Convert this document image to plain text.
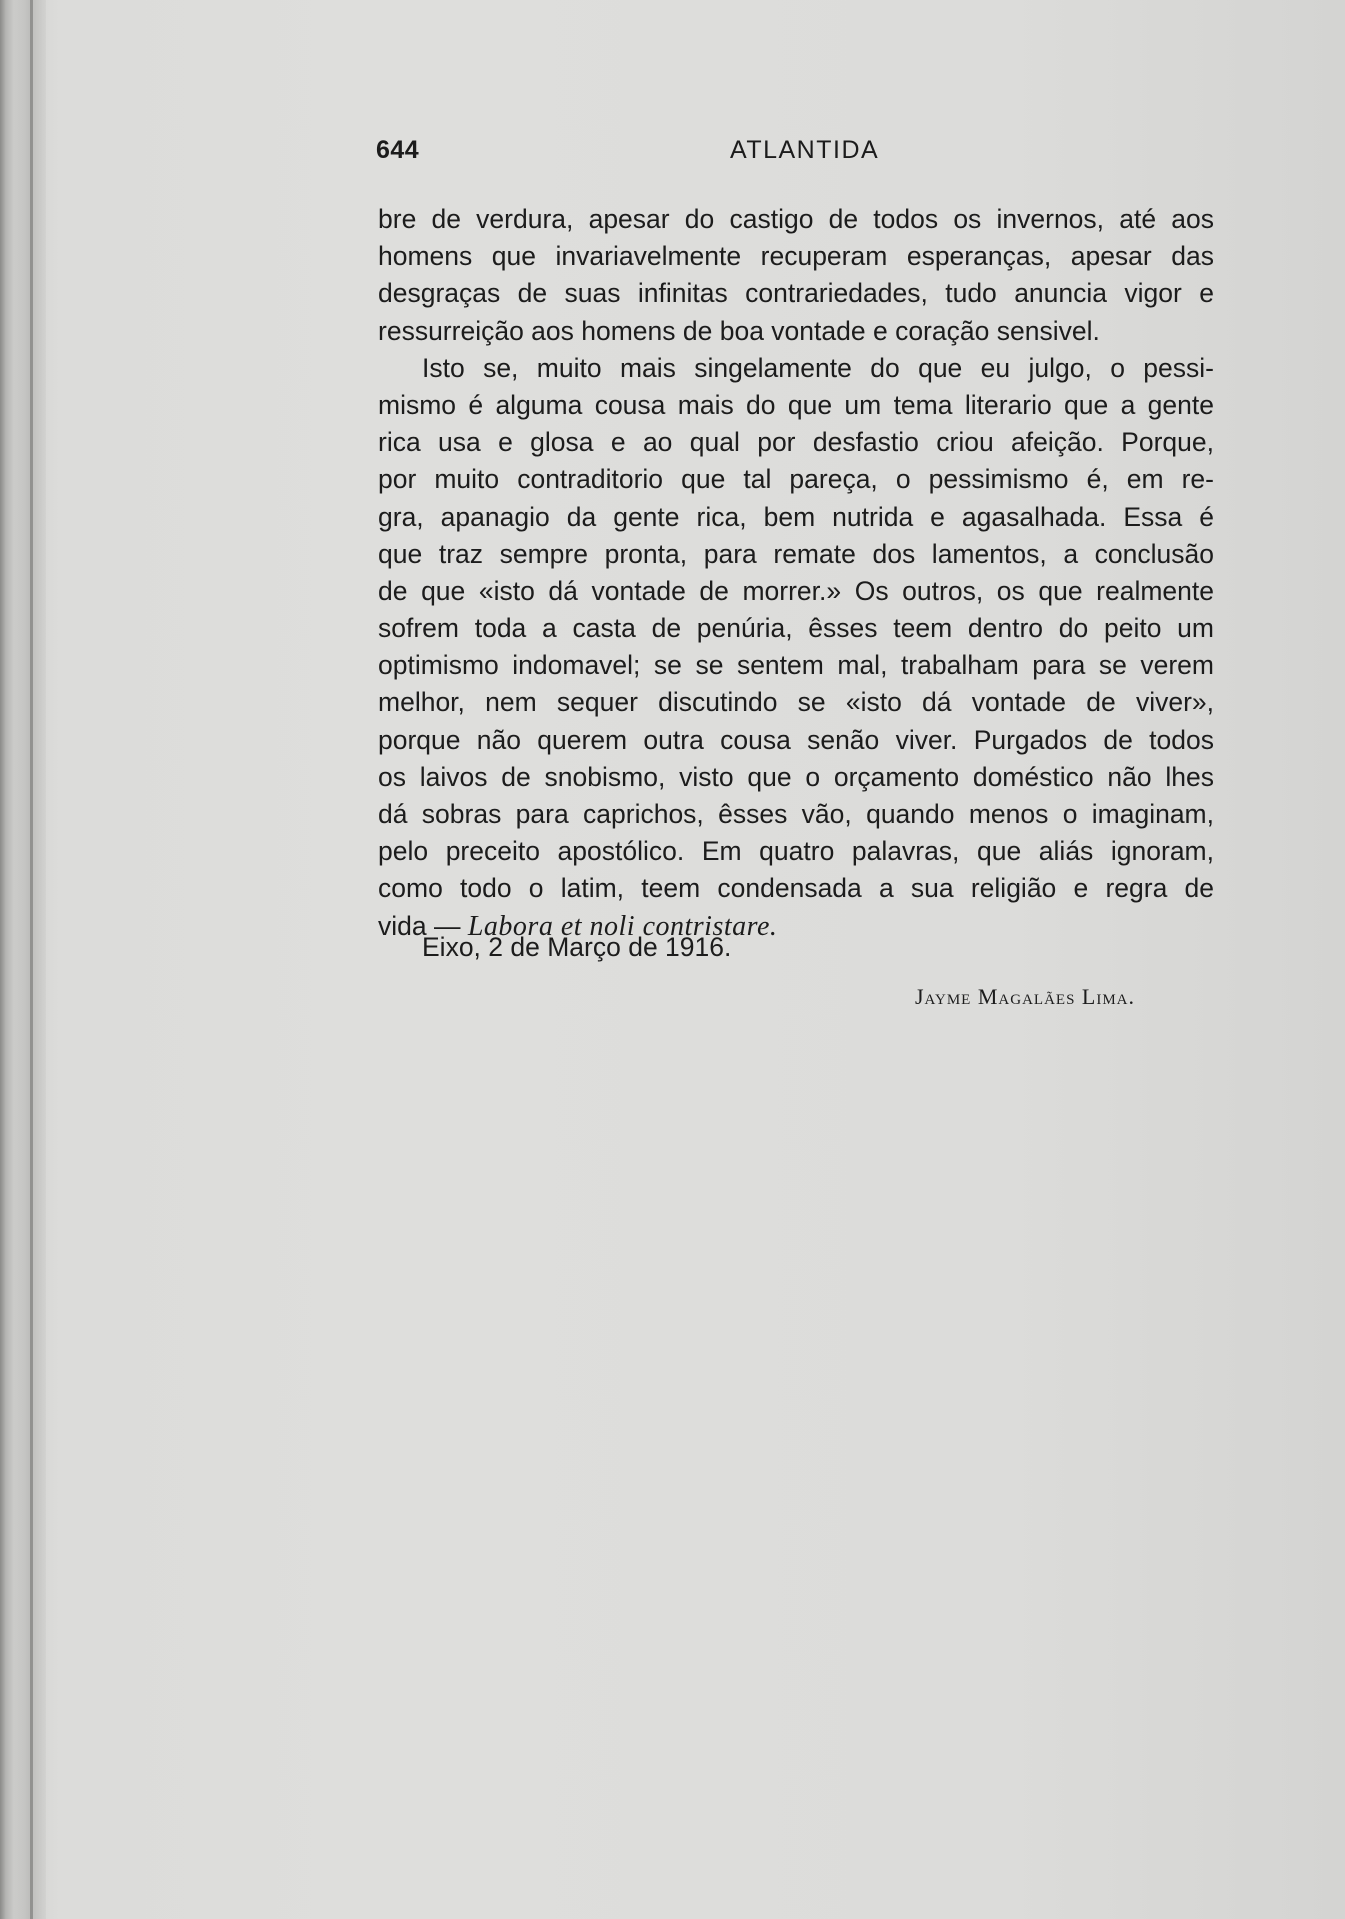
644	ATLANTIDA
bre de verdura, apesar do castigo de todos os invernos, até aos
homens que invariavelmente recuperam esperanças, apesar das
desgraças de suas infinitas contrariedades, tudo anuncia vigor e
ressurreição aos homens de boa vontade e coração sensivel.
Isto se, muito mais singelamente do que eu julgo, o pessi-
mismo é alguma cousa mais do que um tema literario que a gente
rica usa e glosa e ao qual por desfastio criou afeição. Porque,
por muito contraditorio que tal pareça, o pessimismo é, em re-
gra, apanagio da gente rica, bem nutrida e agasalhada. Essa é
que traz sempre pronta, para remate dos lamentos, a conclusão
de que «isto dá vontade de morrer.» Os outros, os que realmente
sofrem toda a casta de penúria, êsses teem dentro do peito um
optimismo indomavel; se se sentem mal, trabalham para se verem
melhor, nem sequer discutindo se «isto dá vontade de viver»,
porque não querem outra cousa senão viver. Purgados de todos
os laivos de snobismo, visto que o orçamento doméstico não lhes
dá sobras para caprichos, êsses vão, quando menos o imaginam,
pelo preceito apostólico. Em quatro palavras, que aliás ignoram,
como todo o latim, teem condensada a sua religião e regra de
vida — Labora et noli contristare.
Eixo, 2 de Março de 1916.
Jayme Magalães Lima.
